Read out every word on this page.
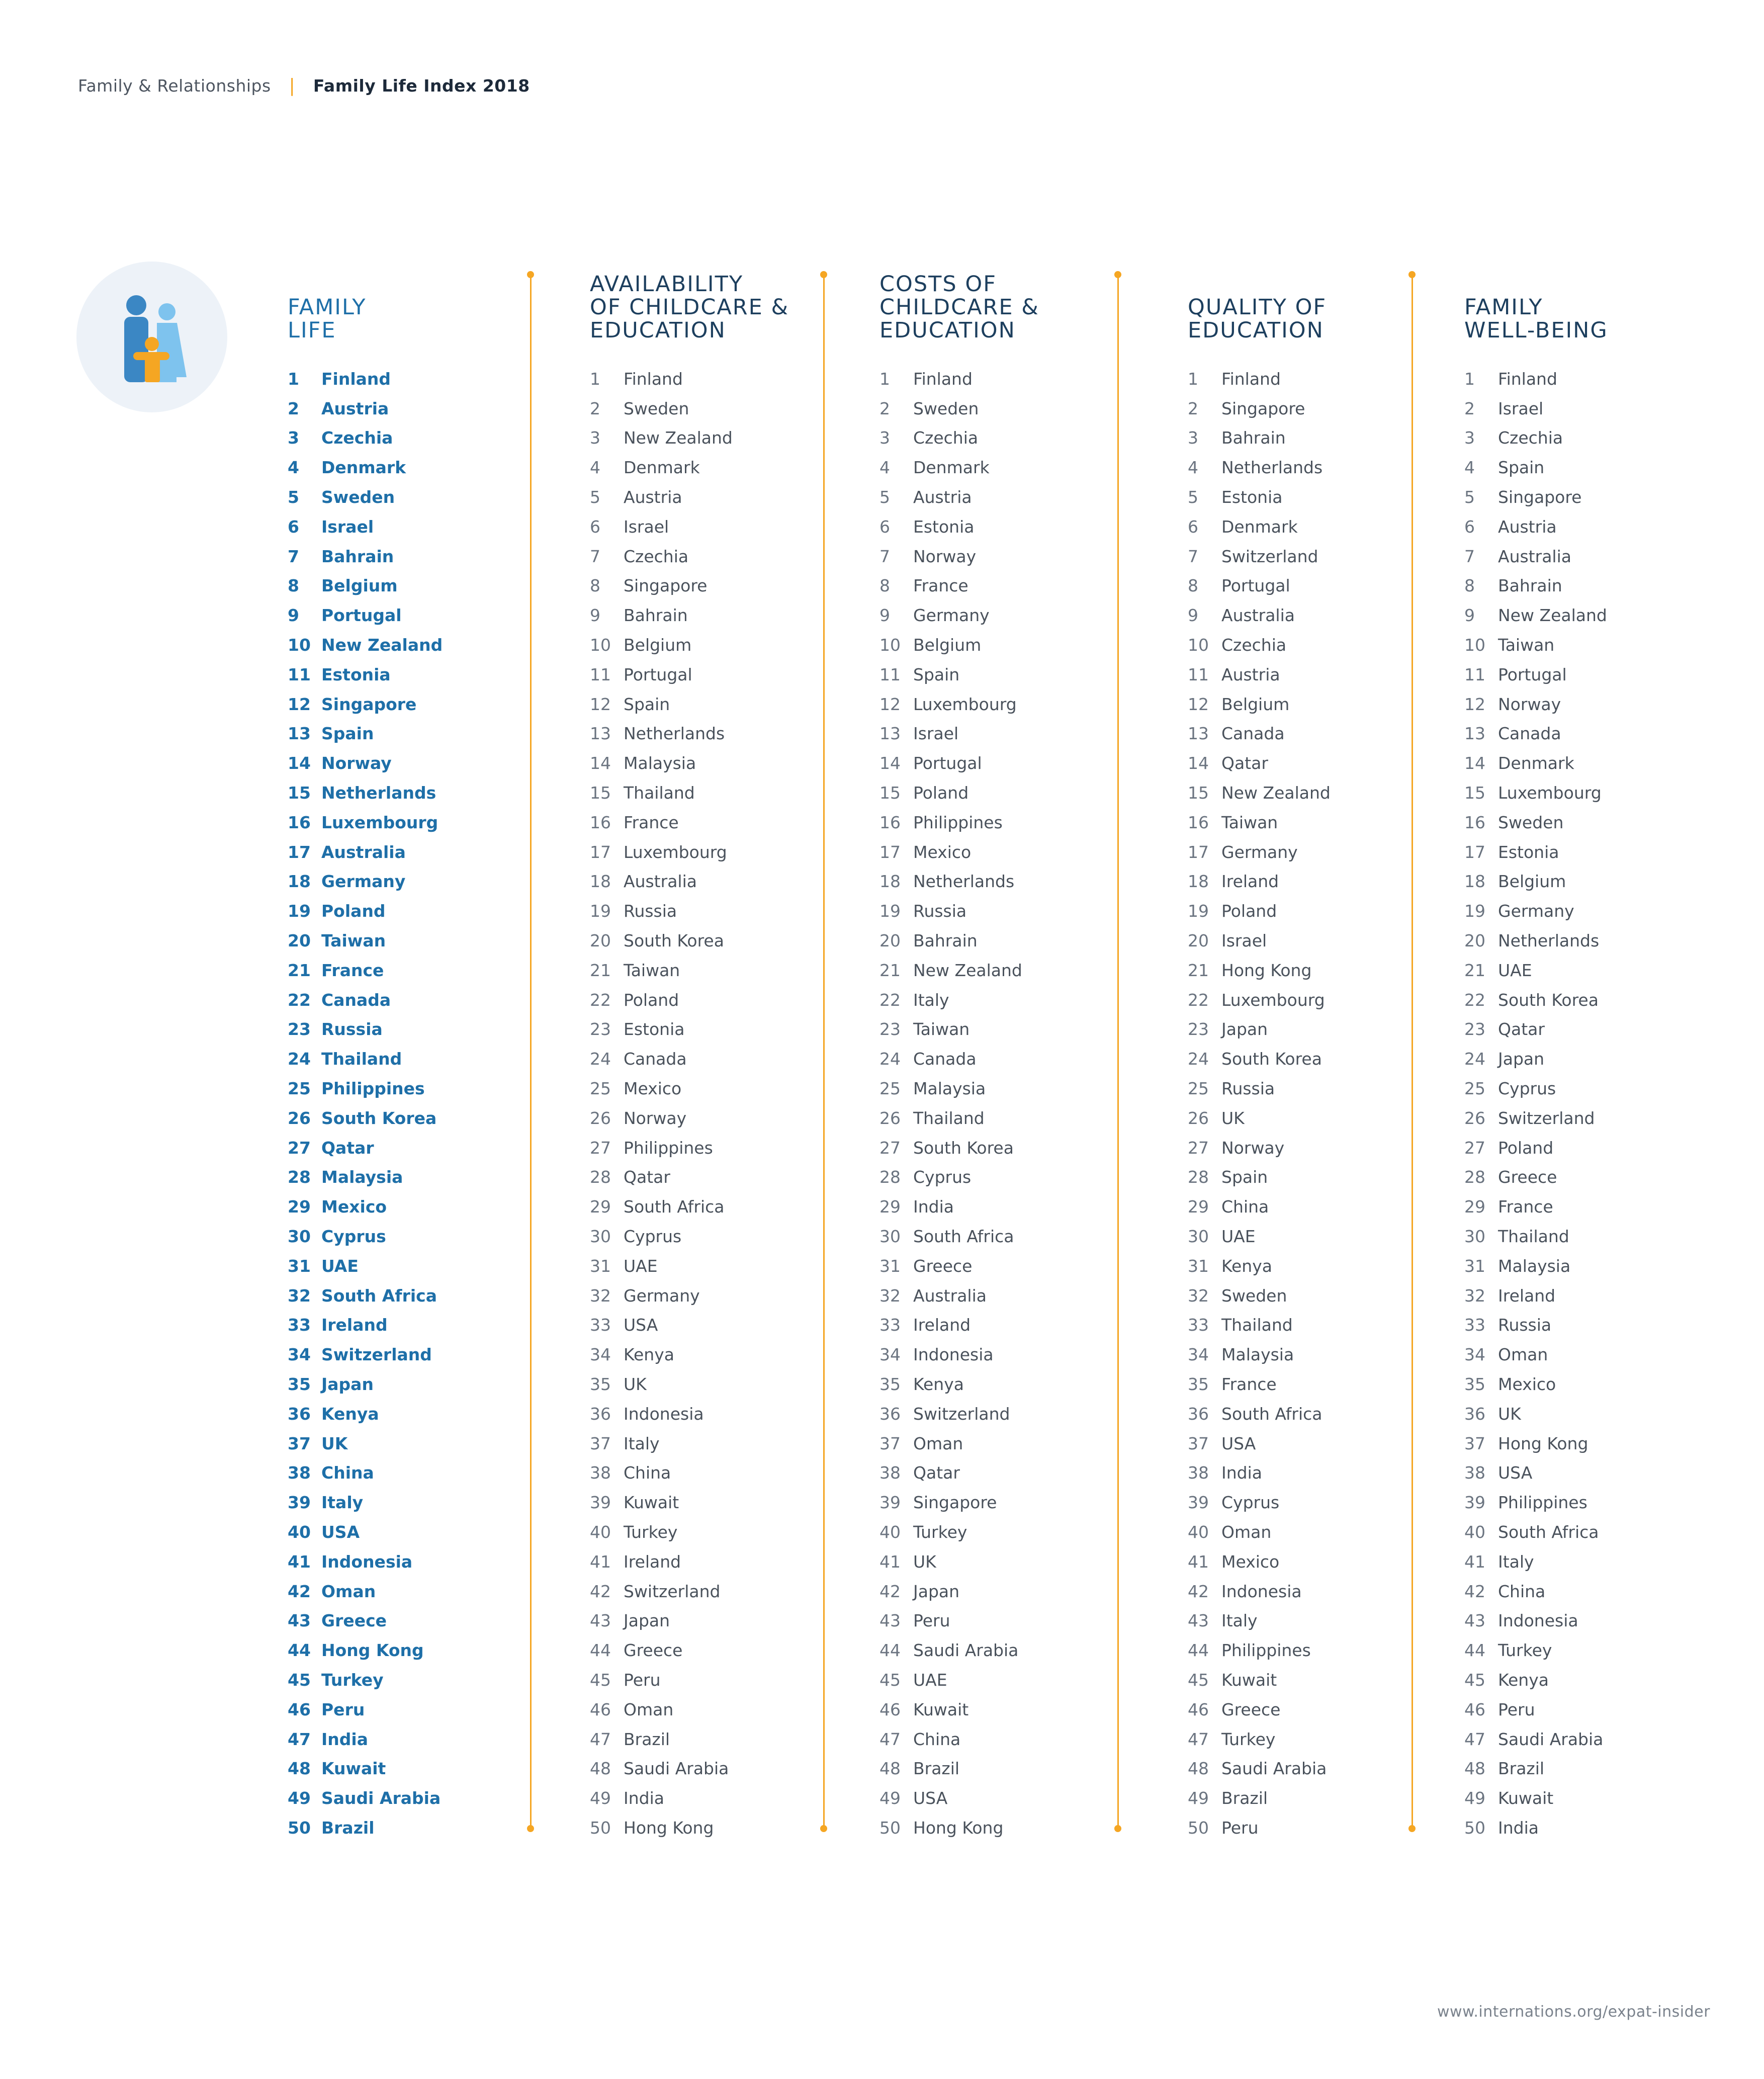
Family & Relationships | Family Life Index 2018
FAMILY
LIFE
1	Finland
2	Austria
3	Czechia
4	Denmark
5	Sweden
6	Israel
7	Bahrain
8	Belgium
9	Portugal
10 New Zealand
11 Estonia
12 Singapore
13 Spain
14 Norway
15 Netherlands
16 Luxembourg
17 Australia
18 Germany
19 Poland
20 Taiwan
21 France
22 Canada
23 Russia
24 Thailand
25 Philippines
26 South Korea
27 Qatar
28 Malaysia
29 Mexico
30 Cyprus
31 UAE
32 South Africa
33 Ireland
34 Switzerland
35 Japan
36 Kenya
37 UK
38 China
39 Italy
40 USA
41 Indonesia
42 Oman
43 Greece
44 Hong Kong
45 Turkey
46 Peru
47 India
48 Kuwait
49 Saudi Arabia
50 Brazil
AVAILABILITY
OF CHILDCARE &
EDUCATION
1	Finland
2	Sweden
3	New Zealand
4	Denmark
5	Austria
6	Israel
7	Czechia
8	Singapore
9	Bahrain
10 Belgium
11 Portugal
12 Spain
13 Netherlands
14 Malaysia
15 Thailand
16 France
17 Luxembourg
18 Australia
19 Russia
20 South Korea
21 Taiwan
22 Poland
23 Estonia
24 Canada
25 Mexico
26 Norway
27 Philippines
28 Qatar
29 South Africa
30 Cyprus
31 UAE
32 Germany
33 USA
34 Kenya
35 UK
36 Indonesia
37 Italy
38 China
39 Kuwait
40 Turkey
41 Ireland
42 Switzerland
43 Japan
44 Greece
45 Peru
46 Oman
47 Brazil
48 Saudi Arabia
49 India
50 Hong Kong
COSTS OF
CHILDCARE &
EDUCATION
1	Finland
2	Sweden
3	Czechia
4	Denmark
5	Austria
6	Estonia
7	Norway
8	France
9	Germany
10 Belgium
11 Spain
12 Luxembourg
13 Israel
14 Portugal
15 Poland
16 Philippines
17 Mexico
18 Netherlands
19 Russia
20 Bahrain
21 New Zealand
22 Italy
23 Taiwan
24 Canada
25 Malaysia
26 Thailand
27 South Korea
28 Cyprus
29 India
30 South Africa
31 Greece
32 Australia
33 Ireland
34 Indonesia
35 Kenya
36 Switzerland
37 Oman
38 Qatar
39 Singapore
40 Turkey
41 UK
42 Japan
43 Peru
44 Saudi Arabia
45 UAE
46 Kuwait
47 China
48 Brazil
49 USA
50 Hong Kong
QUALITY OF
EDUCATION
1	Finland
2	Singapore
3	Bahrain
4	Netherlands
5	Estonia
6	Denmark
7	Switzerland
8	Portugal
9	Australia
10 Czechia
11 Austria
12 Belgium
13 Canada
14 Qatar
15 New Zealand
16 Taiwan
17 Germany
18 Ireland
19 Poland
20 Israel
21 Hong Kong
22 Luxembourg
23 Japan
24 South Korea
25 Russia
26 UK
27 Norway
28 Spain
29 China
30 UAE
31 Kenya
32 Sweden
33 Thailand
34 Malaysia
35 France
36 South Africa
37 USA
38 India
39 Cyprus
40 Oman
41 Mexico
42 Indonesia
43 Italy
44 Philippines
45 Kuwait
46 Greece
47 Turkey
48 Saudi Arabia
49 Brazil
50 Peru
FAMILY
WELL-BEING
1	Finland
2	Israel
3	Czechia
4	Spain
5	Singapore
6	Austria
7	Australia
8	Bahrain
9	New Zealand
10 Taiwan
11 Portugal
12 Norway
13 Canada
14 Denmark
15 Luxembourg
16 Sweden
17 Estonia
18 Belgium
19 Germany
20 Netherlands
21 UAE
22 South Korea
23 Qatar
24 Japan
25 Cyprus
26 Switzerland
27 Poland
28 Greece
29 France
30 Thailand
31 Malaysia
32 Ireland
33 Russia
34 Oman
35 Mexico
36 UK
37 Hong Kong
38 USA
39 Philippines
40 South Africa
41 Italy
42 China
43 Indonesia
44 Turkey
45 Kenya
46 Peru
47 Saudi Arabia
48 Brazil
49 Kuwait
50 India
www.internations.org/expat-insider
